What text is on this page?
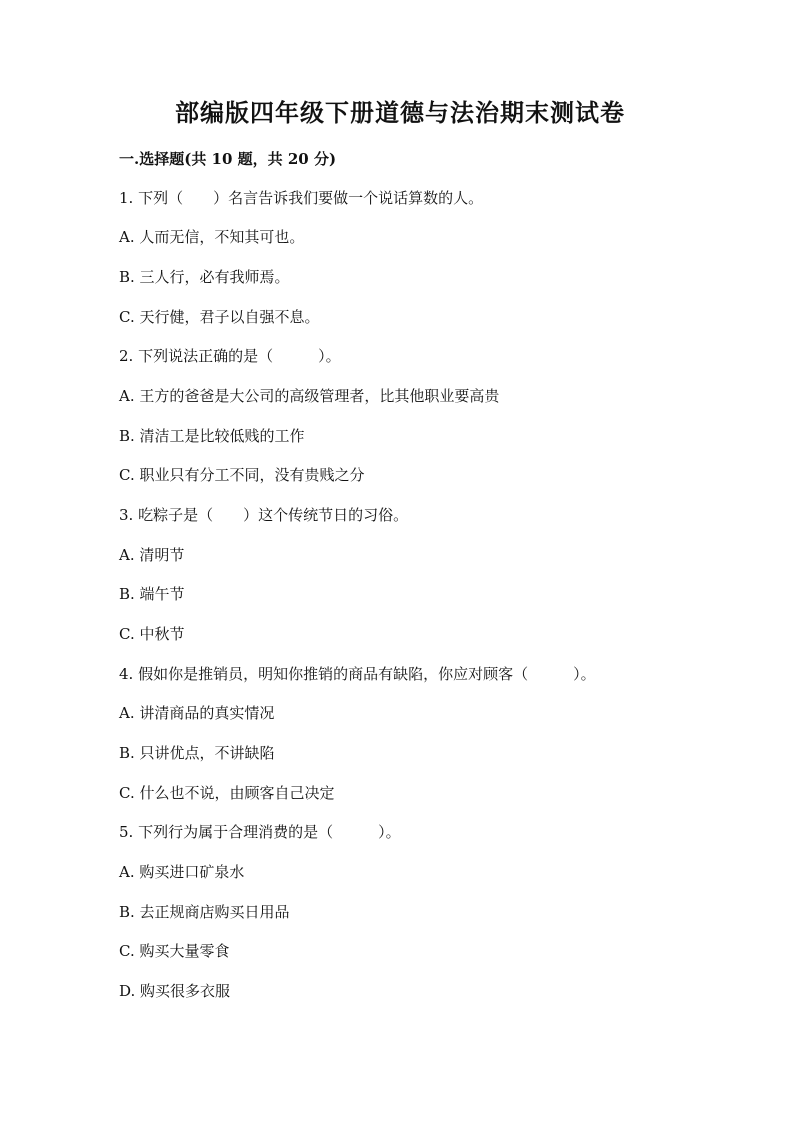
部编版四年级下册道德与法治期末测试卷
一.选择题(共 10 题，共 20 分)
1. 下列（　　）名言告诉我们要做一个说话算数的人。
A. 人而无信，不知其可也。
B. 三人行，必有我师焉。
C. 天行健，君子以自强不息。
2. 下列说法正确的是（　　　）。
A. 王方的爸爸是大公司的高级管理者，比其他职业要高贵
B. 清洁工是比较低贱的工作
C. 职业只有分工不同，没有贵贱之分
3. 吃粽子是（　　）这个传统节日的习俗。
A. 清明节
B. 端午节
C. 中秋节
4. 假如你是推销员，明知你推销的商品有缺陷，你应对顾客（　　　）。
A. 讲清商品的真实情况
B. 只讲优点，不讲缺陷
C. 什么也不说，由顾客自己决定
5. 下列行为属于合理消费的是（　　　）。
A. 购买进口矿泉水
B. 去正规商店购买日用品
C. 购买大量零食
D. 购买很多衣服
